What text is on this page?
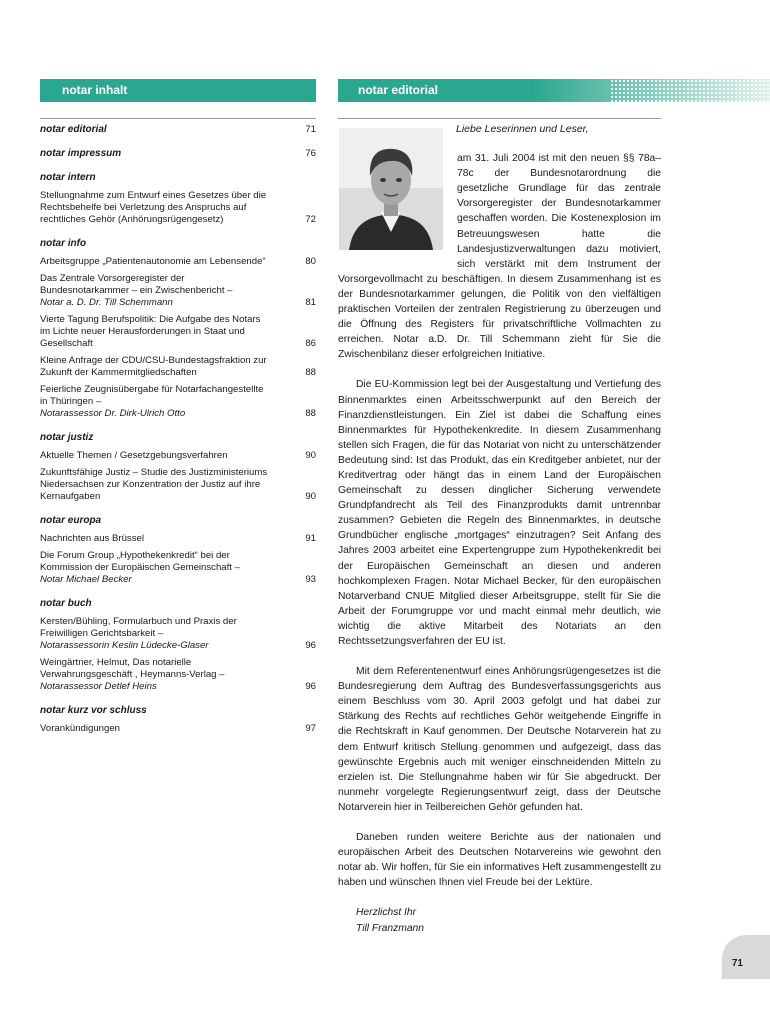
notar inhalt	notar editorial
notar editorial	71
notar impressum	76
notar intern
Stellungnahme zum Entwurf eines Gesetzes über die Rechtsbehelfe bei Verletzung des Anspruchs auf rechtliches Gehör (Anhörungsrügengesetz)	72
notar info
Arbeitsgruppe „Patientenautonomie am Lebensende“	80
Das Zentrale Vorsorgeregister der Bundesnotarkammer – ein Zwischenbericht –
Notar a. D. Dr. Till Schemmann	81
Vierte Tagung Berufspolitik: Die Aufgabe des Notars im Lichte neuer Herausforderungen in Staat und Gesellschaft	86
Kleine Anfrage der CDU/CSU-Bundestagsfraktion zur Zukunft der Kammermitgliedschaften	88
Feierliche Zeugnisübergabe für Notarfachangestellte in Thüringen –
Notarassessor Dr. Dirk-Ulrich Otto	88
notar justiz
Aktuelle Themen / Gesetzgebungsverfahren	90
Zukunftsfähige Justiz – Studie des Justizministeriums Niedersachsen zur Konzentration der Justiz auf ihre Kernaufgaben	90
notar europa
Nachrichten aus Brüssel	91
Die Forum Group „Hypothekenkredit“ bei der Kommission der Europäischen Gemeinschaft –
Notar Michael Becker	93
notar buch
Kersten/Bühling, Formularbuch und Praxis der Freiwilligen Gerichtsbarkeit –
Notarassessorin Keslin Lüdecke-Glaser	96
Weingärtner, Helmut, Das notarielle Verwahrungsgeschäft , Heymanns-Verlag –
Notarassessor Detlef Heins	96
notar kurz vor schluss
Vorankündigungen	97
Liebe Leserinnen und Leser,

am 31. Juli 2004 ist mit den neuen §§ 78a–78c der Bundesnotarordnung die gesetzliche Grundlage für das zentrale Vorsorgeregister der Bundesnotarkammer geschaffen worden. Die Kostenexplosion im Betreuungswesen hatte die Landesjustizverwaltungen dazu motiviert, sich verstärkt mit dem Instrument der Vorsorgevollmacht zu beschäftigen. In diesem Zusammenhang ist es der Bundesnotarkammer gelungen, die Politik von den vielfältigen praktischen Vorteilen der zentralen Registrierung zu überzeugen und die Öffnung des Registers für privatschriftliche Vollmachten zu erreichen. Notar a.D. Dr. Till Schemmann zieht für Sie die Zwischenbilanz dieser erfolgreichen Initiative.

Die EU-Kommission legt bei der Ausgestaltung und Vertiefung des Binnenmarktes einen Arbeitsschwerpunkt auf den Bereich der Finanzdienstleistungen. Ein Ziel ist dabei die Schaffung eines Binnenmarktes für Hypothekenkredite. In diesem Zusammenhang stellen sich Fragen, die für das Notariat von nicht zu unterschätzender Bedeutung sind: Ist das Produkt, das ein Kreditgeber anbietet, nur der Kreditvertrag oder hängt das in einem Land der Europäischen Gemeinschaft zu dessen dinglicher Sicherung verwendete Grundpfandrecht als Teil des Finanzprodukts damit untrennbar zusammen? Gebieten die Regeln des Binnenmarktes, in deutsche Grundbücher englische „mortgages“ einzutragen? Seit Anfang des Jahres 2003 arbeitet eine Expertengruppe zum Hypothekenkredit bei der Europäischen Gemeinschaft an diesen und anderen hochkomplexen Fragen. Notar Michael Becker, für den europäischen Notarverband CNUE Mitglied dieser Arbeitsgruppe, stellt für Sie die Arbeit der Forumgruppe vor und macht einmal mehr deutlich, wie wichtig die aktive Mitarbeit des Notariats an den Rechtssetzungsverfahren der EU ist.

Mit dem Referentenentwurf eines Anhörungsrügengesetzes ist die Bundesregierung dem Auftrag des Bundesverfassungsgerichts aus einem Beschluss vom 30. April 2003 gefolgt und hat dabei zur Stärkung des Rechts auf rechtliches Gehör weitgehende Eingriffe in die Rechtskraft in Kauf genommen. Der Deutsche Notarverein hat zu dem Entwurf kritisch Stellung genommen und aufgezeigt, dass das gewünschte Ergebnis auch mit weniger einschneidenden Mitteln zu erzielen ist. Die Stellungnahme haben wir für Sie abgedruckt. Der nunmehr vorgelegte Regierungsentwurf zeigt, dass der Deutsche Notarverein hier in Teilbereichen Gehör gefunden hat.

Daneben runden weitere Berichte aus der nationalen und europäischen Arbeit des Deutschen Notarvereins wie gewohnt den notar ab. Wir hoffen, für Sie ein informatives Heft zusammengestellt zu haben und wünschen Ihnen viel Freude bei der Lektüre.

Herzlichst Ihr
Till Franzmann
71
